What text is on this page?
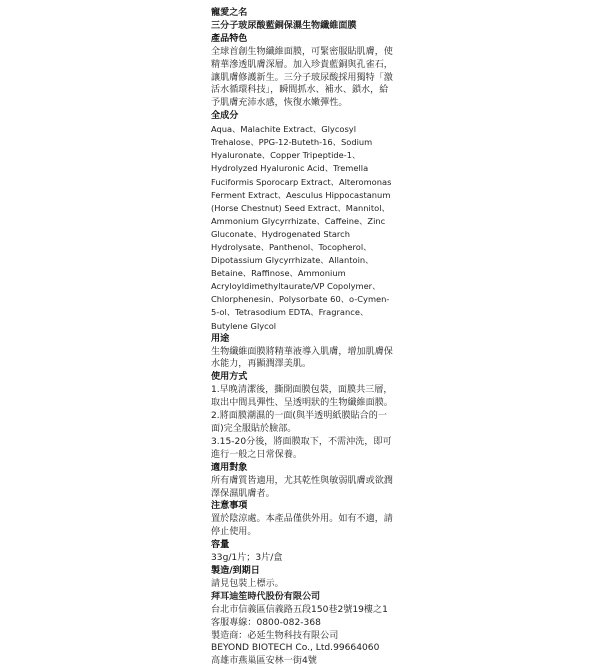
寵愛之名
三分子玻尿酸藍銅保濕生物纖維面膜
產品特色
全球首創生物纖維面膜，可緊密服貼肌膚，使精華滲透肌膚深層。加入珍貴藍銅與孔雀石，讓肌膚修護新生。三分子玻尿酸採用獨特「激活水循環科技」，瞬間抓水、補水、鎖水，給予肌膚充沛水感，恢復水嫩彈性。
全成分
Aqua、Malachite Extract、Glycosyl Trehalose、PPG-12-Buteth-16、Sodium Hyaluronate、Copper Tripeptide-1、Hydrolyzed Hyaluronic Acid、Tremella Fuciformis Sporocarp Extract、Alteromonas Ferment Extract、Aesculus Hippocastanum (Horse Chestnut) Seed Extract、Mannitol、Ammonium Glycyrrhizate、Caffeine、Zinc Gluconate、Hydrogenated Starch Hydrolysate、Panthenol、Tocopherol、Dipotassium Glycyrrhizate、Allantoin、Betaine、Raffinose、Ammonium Acryloyldimethyltaurate/VP Copolymer、Chlorphenesin、Polysorbate 60、o-Cymen-5-ol、Tetrasodium EDTA、Fragrance、Butylene Glycol
用途
生物纖維面膜將精華液導入肌膚，增加肌膚保水能力，再顯潤澤美肌。
使用方式
1.早晚清潔後，撕開面膜包裝，面膜共三層，取出中間具彈性、呈透明狀的生物纖維面膜。
2.將面膜潮濕的一面(與半透明紙膜貼合的一面)完全服貼於臉部。
3.15-20分後，將面膜取下，不需沖洗，即可進行一般之日常保養。
適用對象
所有膚質皆適用，尤其乾性與敏弱肌膚或欲潤澤保濕肌膚者。
注意事項
置於陰涼處。本產品僅供外用。如有不適，請停止使用。
容量
33g/1片；3片/盒
製造/到期日
請見包裝上標示。
拜耳迪笙時代股份有限公司
台北市信義區信義路五段150巷2號19樓之1
客服專線：0800-082-368
製造商：必延生物科技有限公司
BEYOND BIOTECH Co., Ltd.99664060
高雄市燕巢區安林一街4號
